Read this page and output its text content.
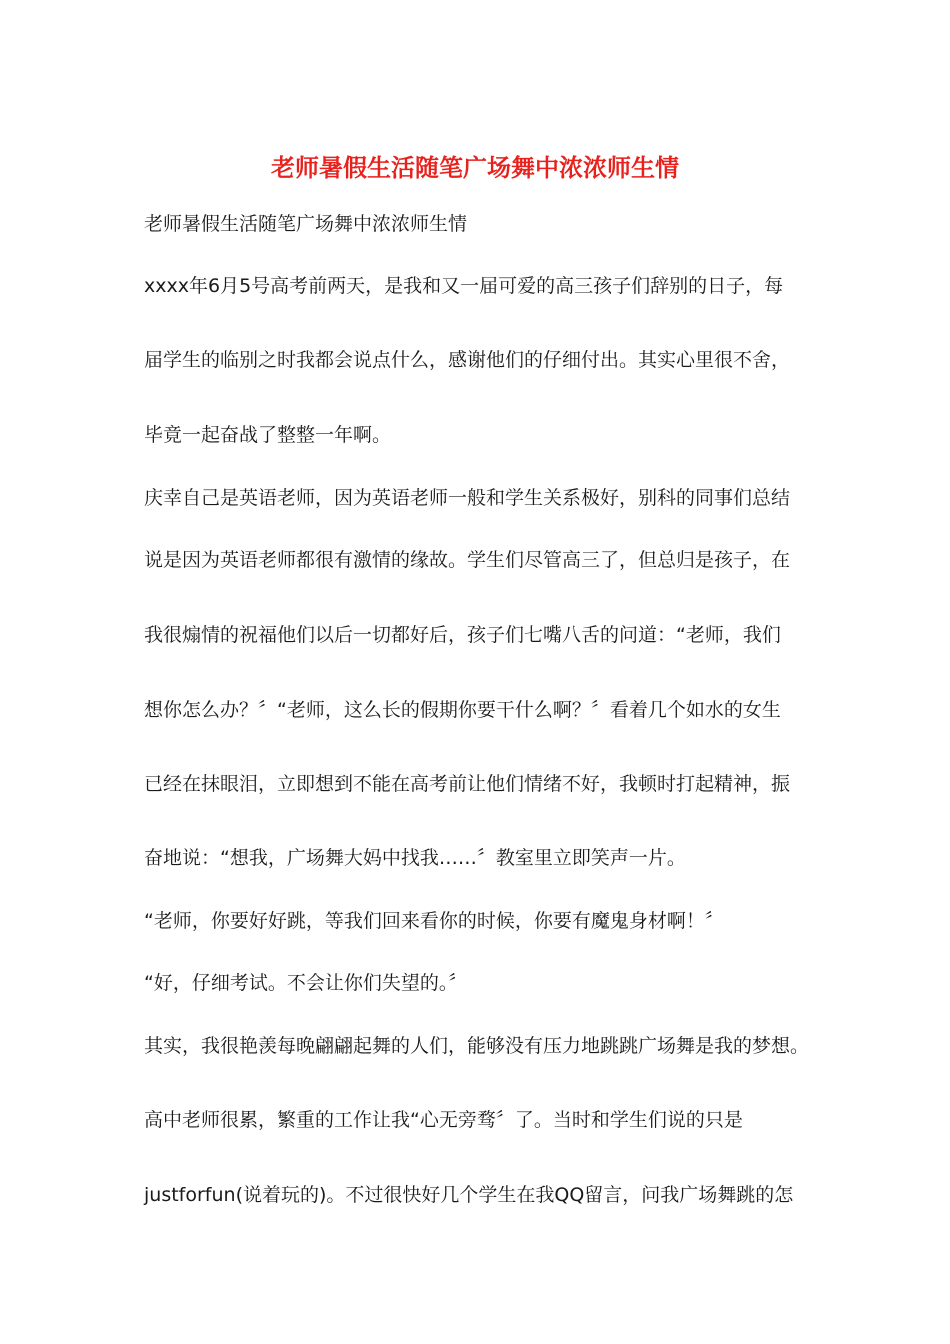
老师暑假生活随笔广场舞中浓浓师生情

老师暑假生活随笔广场舞中浓浓师生情

xxxx年6月5号高考前两天，是我和又一届可爱的高三孩子们辞别的日子，每

届学生的临别之时我都会说点什么，感谢他们的仔细付出。其实心里很不舍，

毕竟一起奋战了整整一年啊。

庆幸自己是英语老师，因为英语老师一般和学生关系极好，别科的同事们总结

说是因为英语老师都很有激情的缘故。学生们尽管高三了，但总归是孩子，在

我很煽情的祝福他们以后一切都好后，孩子们七嘴八舌的问道：“老师，我们

想你怎么办？〞“老师，这么长的假期你要干什么啊？〞看着几个如水的女生

已经在抹眼泪，立即想到不能在高考前让他们情绪不好，我顿时打起精神，振

奋地说：“想我，广场舞大妈中找我……〞教室里立即笑声一片。

“老师，你要好好跳，等我们回来看你的时候，你要有魔鬼身材啊！〞

“好，仔细考试。不会让你们失望的。〞

其实，我很艳羡每晚翩翩起舞的人们，能够没有压力地跳跳广场舞是我的梦想。

高中老师很累，繁重的工作让我“心无旁骛〞了。当时和学生们说的只是

justforfun(说着玩的)。不过很快好几个学生在我QQ留言，问我广场舞跳的怎
